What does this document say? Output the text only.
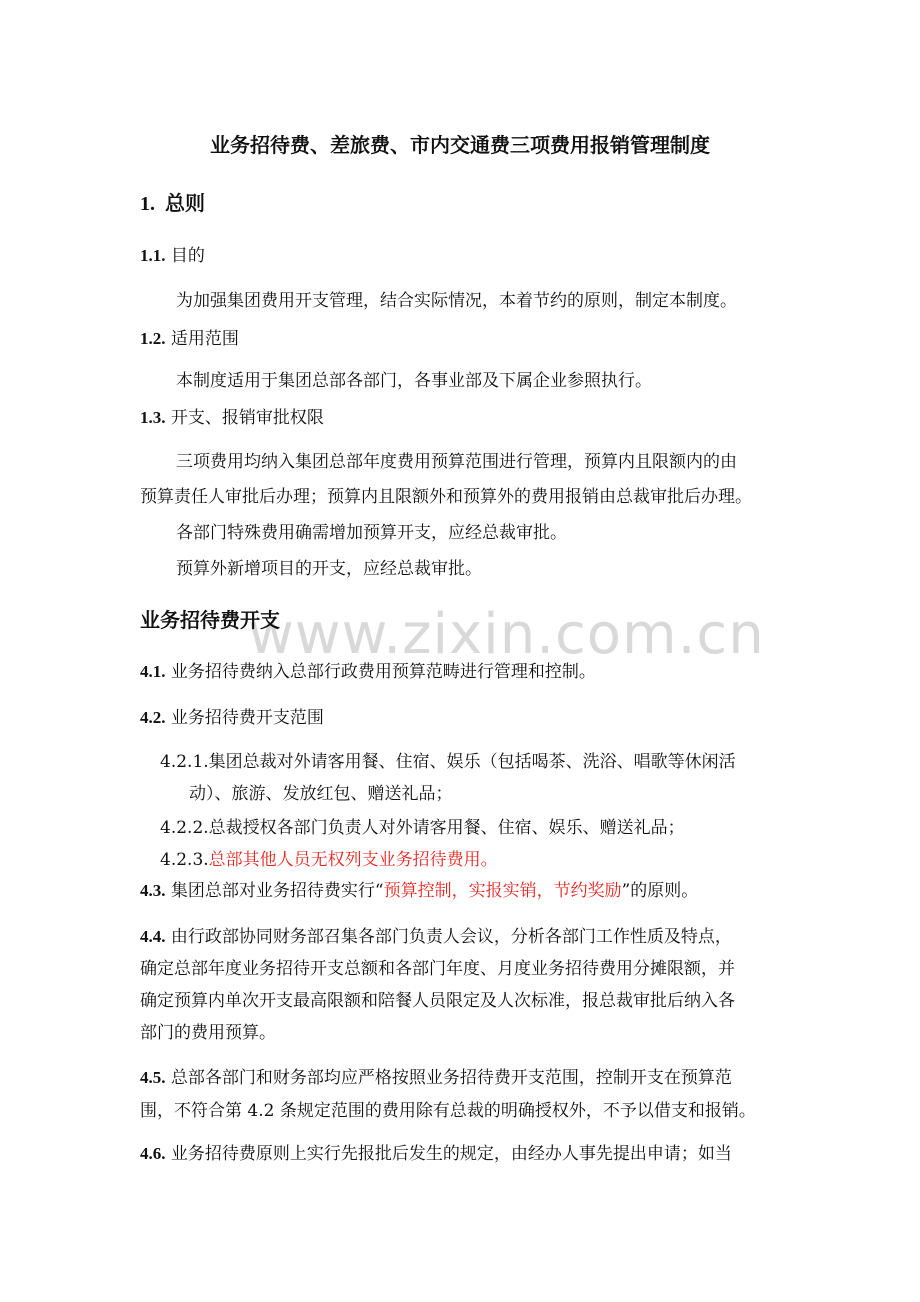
业务招待费、差旅费、市内交通费三项费用报销管理制度
1. 总则
1.1. 目的
为加强集团费用开支管理，结合实际情况，本着节约的原则，制定本制度。
1.2. 适用范围
本制度适用于集团总部各部门，各事业部及下属企业参照执行。
1.3. 开支、报销审批权限
三项费用均纳入集团总部年度费用预算范围进行管理，预算内且限额内的由
预算责任人审批后办理；预算内且限额外和预算外的费用报销由总裁审批后办理。
各部门特殊费用确需增加预算开支，应经总裁审批。
预算外新增项目的开支，应经总裁审批。
www.zixin.com.cn
业务招待费开支
4.1. 业务招待费纳入总部行政费用预算范畴进行管理和控制。
4.2. 业务招待费开支范围
4.2.1.集团总裁对外请客用餐、住宿、娱乐（包括喝茶、洗浴、唱歌等休闲活
动）、旅游、发放红包、赠送礼品；
4.2.2.总裁授权各部门负责人对外请客用餐、住宿、娱乐、赠送礼品；
4.2.3.总部其他人员无权列支业务招待费用。
4.3. 集团总部对业务招待费实行“预算控制，实报实销，节约奖励”的原则。
4.4. 由行政部协同财务部召集各部门负责人会议，分析各部门工作性质及特点，
确定总部年度业务招待开支总额和各部门年度、月度业务招待费用分摊限额，并
确定预算内单次开支最高限额和陪餐人员限定及人次标准，报总裁审批后纳入各
部门的费用预算。
4.5. 总部各部门和财务部均应严格按照业务招待费开支范围，控制开支在预算范
围，不符合第 4.2 条规定范围的费用除有总裁的明确授权外，不予以借支和报销。
4.6. 业务招待费原则上实行先报批后发生的规定，由经办人事先提出申请；如当
